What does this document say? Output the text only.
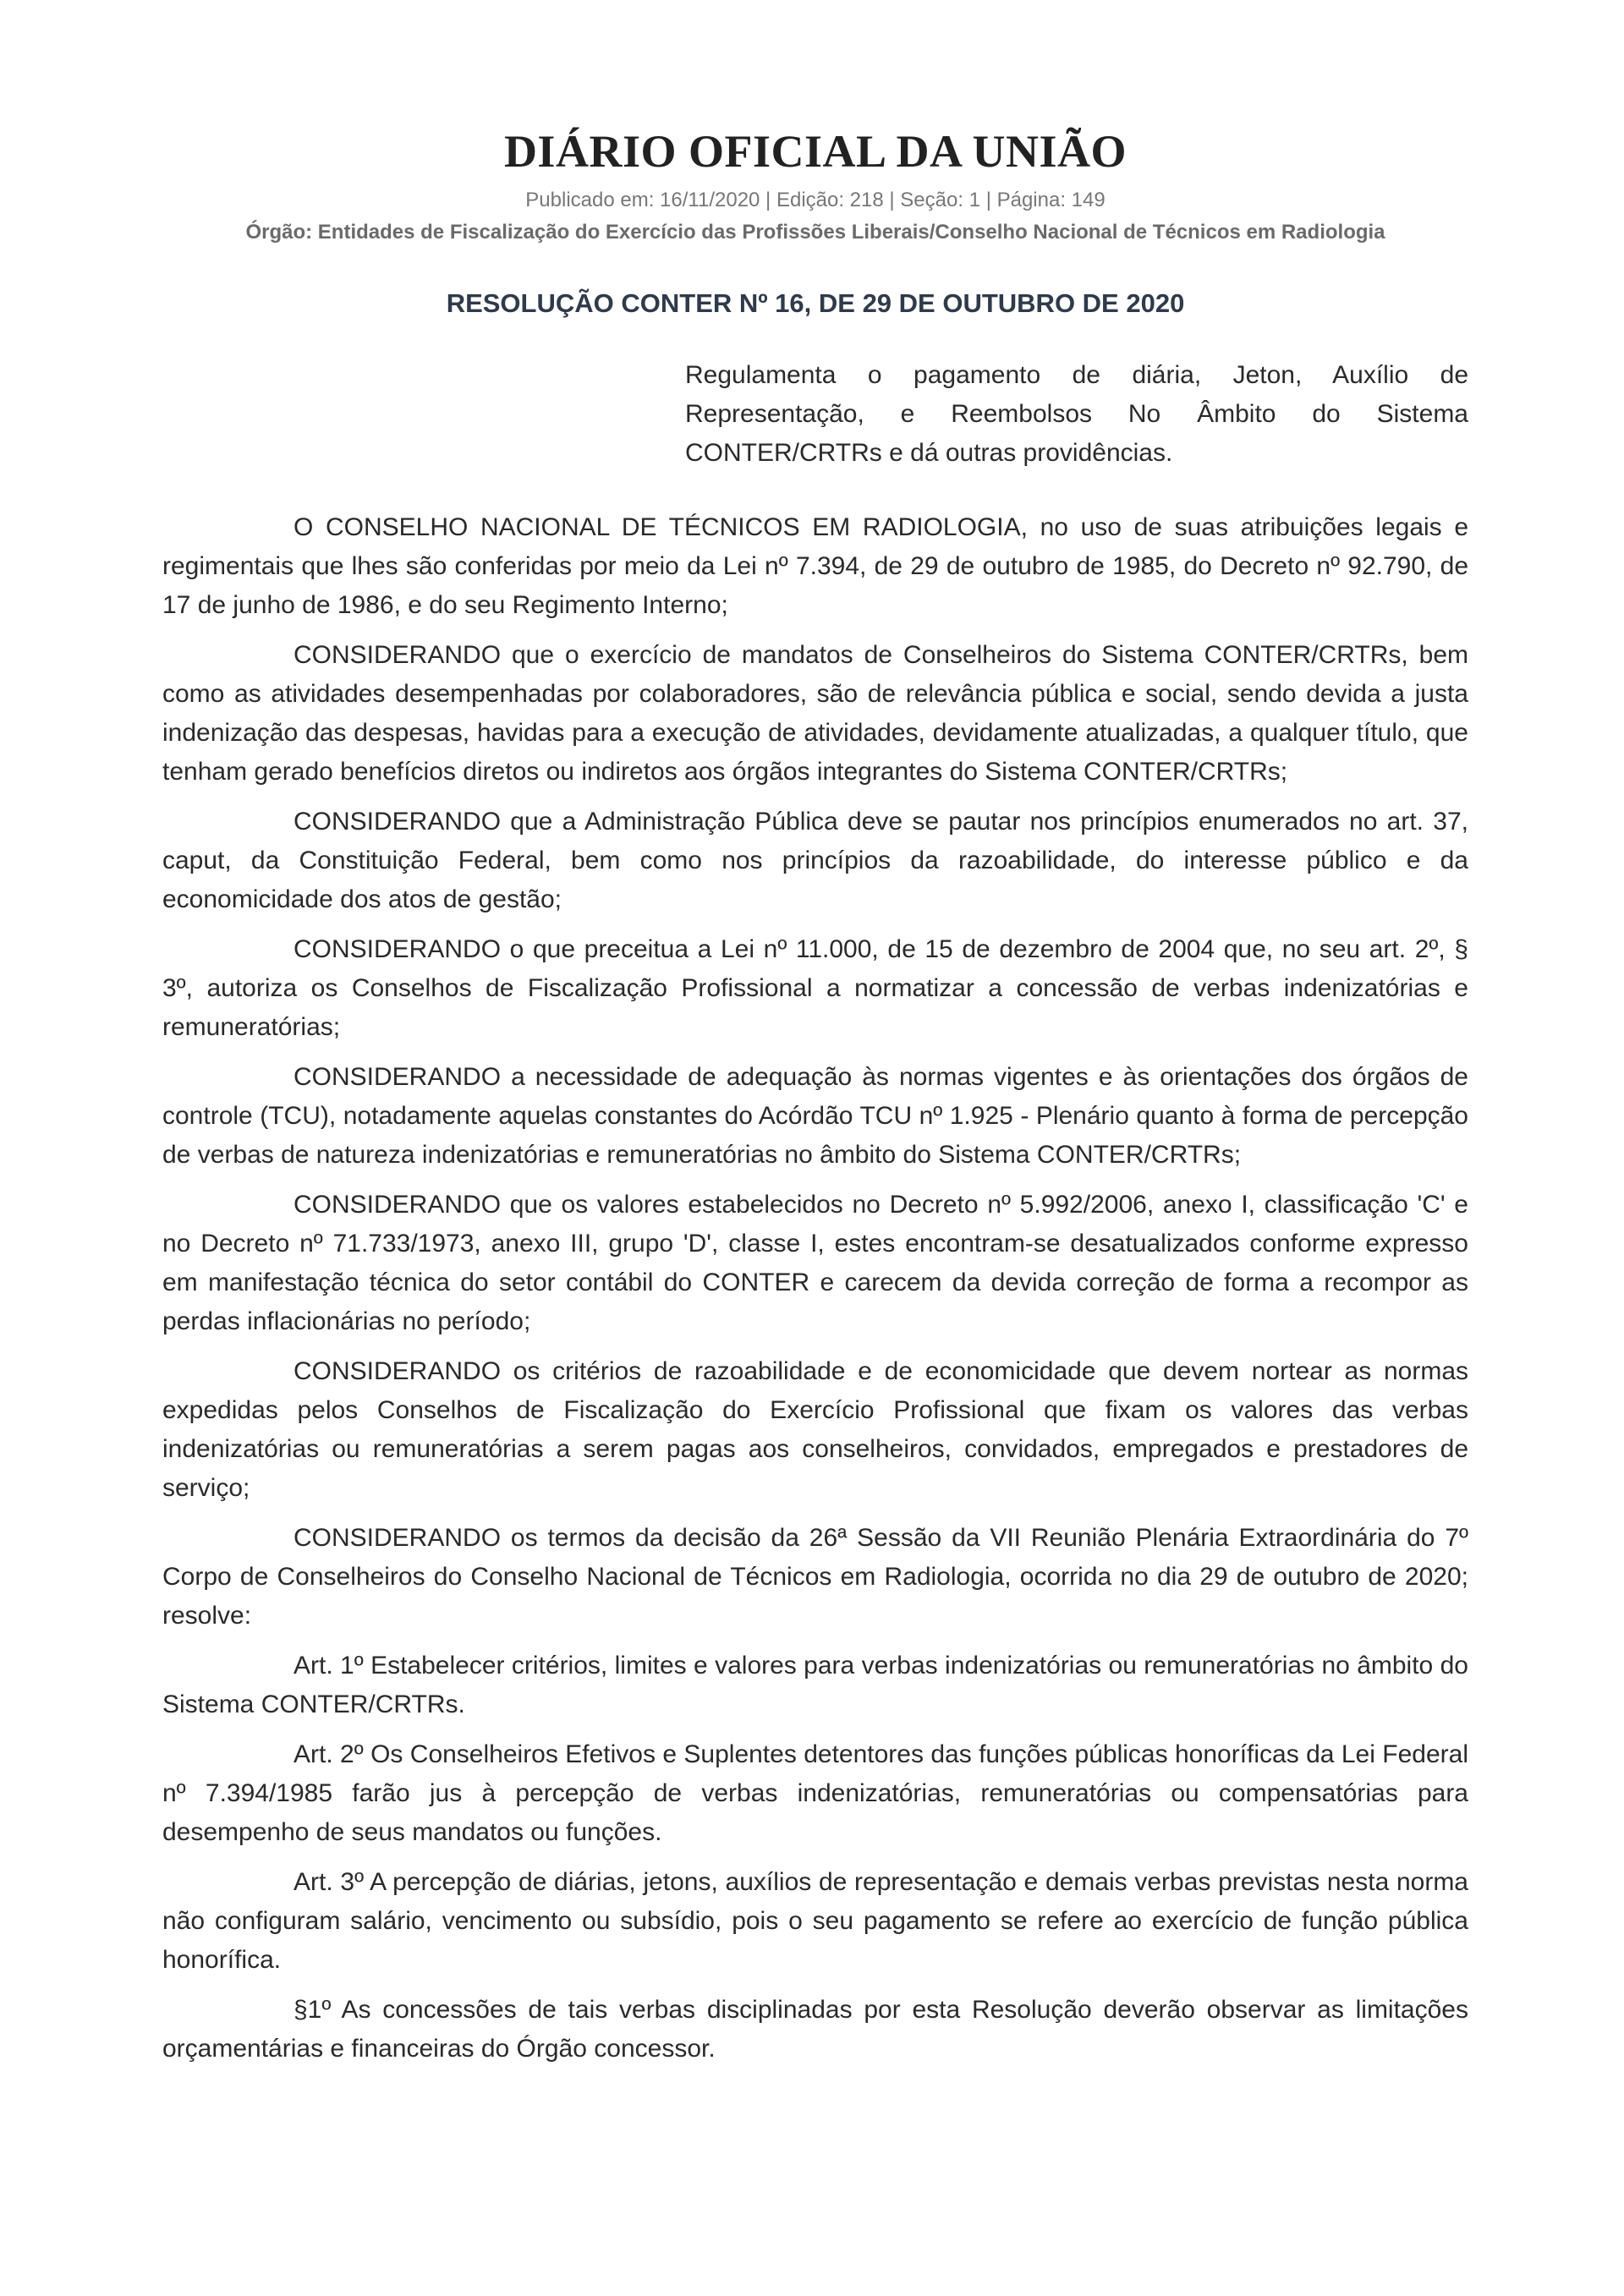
DIÁRIO OFICIAL DA UNIÃO
Publicado em: 16/11/2020 | Edição: 218 | Seção: 1 | Página: 149
Órgão: Entidades de Fiscalização do Exercício das Profissões Liberais/Conselho Nacional de Técnicos em Radiologia
RESOLUÇÃO CONTER Nº 16, DE 29 DE OUTUBRO DE 2020
Regulamenta o pagamento de diária, Jeton, Auxílio de Representação, e Reembolsos No Âmbito do Sistema CONTER/CRTRs e dá outras providências.

O CONSELHO NACIONAL DE TÉCNICOS EM RADIOLOGIA, no uso de suas atribuições legais e regimentais que lhes são conferidas por meio da Lei nº 7.394, de 29 de outubro de 1985, do Decreto nº 92.790, de 17 de junho de 1986, e do seu Regimento Interno;

CONSIDERANDO que o exercício de mandatos de Conselheiros do Sistema CONTER/CRTRs, bem como as atividades desempenhadas por colaboradores, são de relevância pública e social, sendo devida a justa indenização das despesas, havidas para a execução de atividades, devidamente atualizadas, a qualquer título, que tenham gerado benefícios diretos ou indiretos aos órgãos integrantes do Sistema CONTER/CRTRs;

CONSIDERANDO que a Administração Pública deve se pautar nos princípios enumerados no art. 37, caput, da Constituição Federal, bem como nos princípios da razoabilidade, do interesse público e da economicidade dos atos de gestão;

CONSIDERANDO o que preceitua a Lei nº 11.000, de 15 de dezembro de 2004 que, no seu art. 2º, § 3º, autoriza os Conselhos de Fiscalização Profissional a normatizar a concessão de verbas indenizatórias e remuneratórias;

CONSIDERANDO a necessidade de adequação às normas vigentes e às orientações dos órgãos de controle (TCU), notadamente aquelas constantes do Acórdão TCU nº 1.925 - Plenário quanto à forma de percepção de verbas de natureza indenizatórias e remuneratórias no âmbito do Sistema CONTER/CRTRs;

CONSIDERANDO que os valores estabelecidos no Decreto nº 5.992/2006, anexo I, classificação 'C' e no Decreto nº 71.733/1973, anexo III, grupo 'D', classe I, estes encontram-se desatualizados conforme expresso em manifestação técnica do setor contábil do CONTER e carecem da devida correção de forma a recompor as perdas inflacionárias no período;

CONSIDERANDO os critérios de razoabilidade e de economicidade que devem nortear as normas expedidas pelos Conselhos de Fiscalização do Exercício Profissional que fixam os valores das verbas indenizatórias ou remuneratórias a serem pagas aos conselheiros, convidados, empregados e prestadores de serviço;

CONSIDERANDO os termos da decisão da 26ª Sessão da VII Reunião Plenária Extraordinária do 7º Corpo de Conselheiros do Conselho Nacional de Técnicos em Radiologia, ocorrida no dia 29 de outubro de 2020; resolve:

Art. 1º Estabelecer critérios, limites e valores para verbas indenizatórias ou remuneratórias no âmbito do Sistema CONTER/CRTRs.

Art. 2º Os Conselheiros Efetivos e Suplentes detentores das funções públicas honoríficas da Lei Federal nº 7.394/1985 farão jus à percepção de verbas indenizatórias, remuneratórias ou compensatórias para desempenho de seus mandatos ou funções.

Art. 3º A percepção de diárias, jetons, auxílios de representação e demais verbas previstas nesta norma não configuram salário, vencimento ou subsídio, pois o seu pagamento se refere ao exercício de função pública honorífica.

§1º As concessões de tais verbas disciplinadas por esta Resolução deverão observar as limitações orçamentárias e financeiras do Órgão concessor.
